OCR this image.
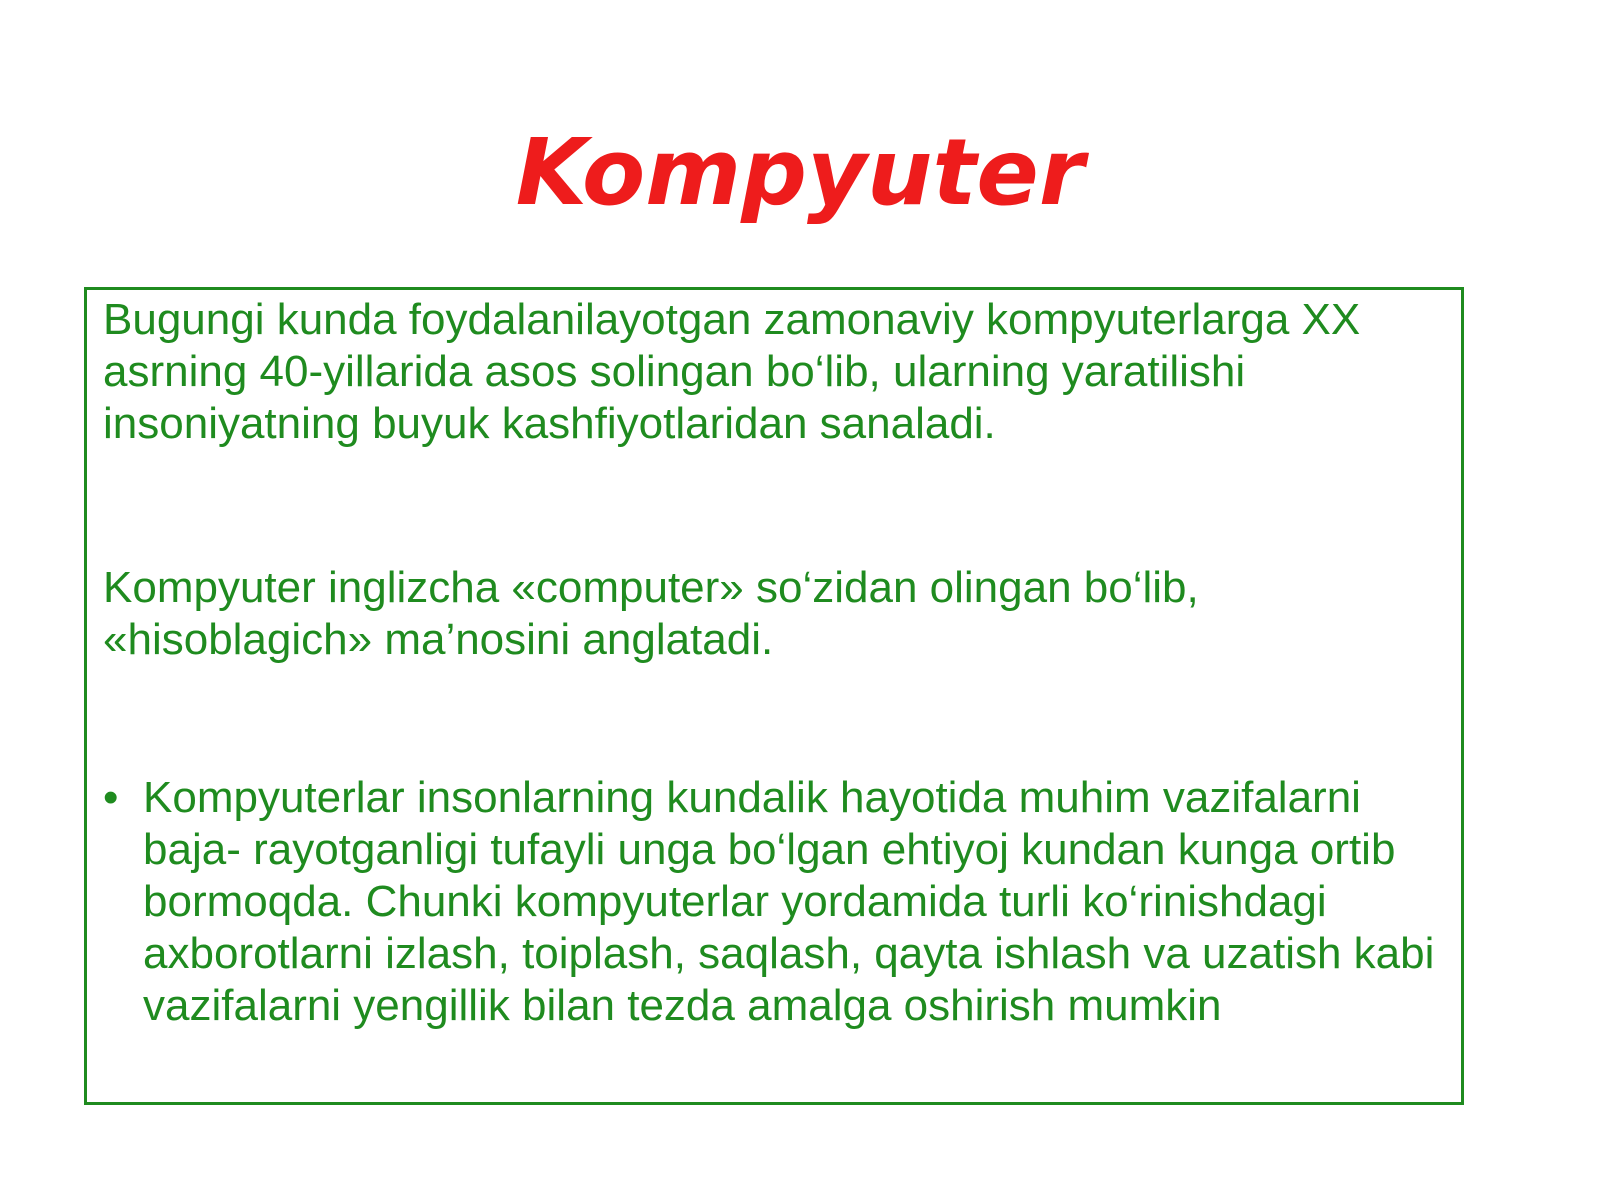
Kompyuter

Bugungi kunda foydalanilayotgan zamonaviy kompyuterlarga XX asrning 40-yillarida asos solingan bo‘lib, ularning yaratilishi insoniyatning buyuk kashfiyotlaridan sanaladi.

Kompyuter inglizcha «computer» so‘zidan olingan bo‘lib, «hisoblagich» ma’nosini anglatadi.

• Kompyuterlar insonlarning kundalik hayotida muhim vazifalarni baja- rayotganligi tufayli unga bo‘lgan ehtiyoj kundan kunga ortib bormoqda. Chunki kompyuterlar yordamida turli ko‘rinishdagi axborotlarni izlash, toiplash, saqlash, qayta ishlash va uzatish kabi vazifalarni yengillik bilan tezda amalga oshirish mumkin
